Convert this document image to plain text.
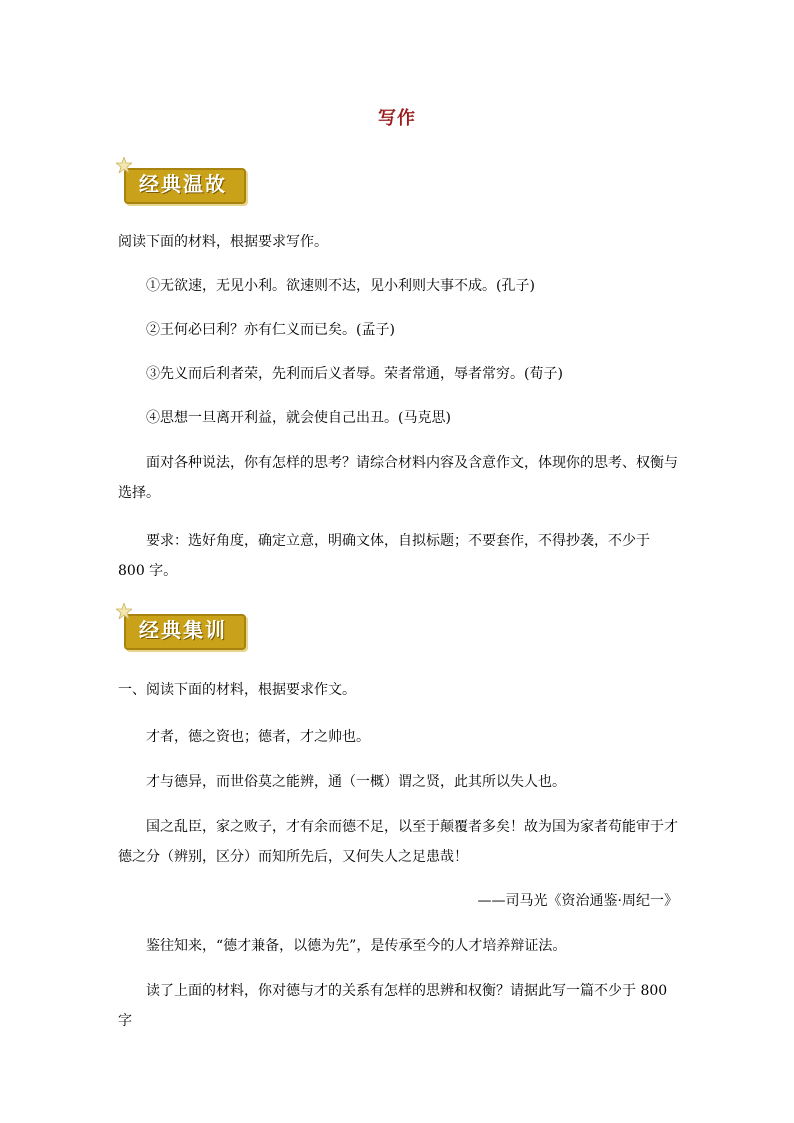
写作
经典温故
阅读下面的材料，根据要求写作。
①无欲速，无见小利。欲速则不达，见小利则大事不成。(孔子)
②王何必曰利？亦有仁义而已矣。(孟子)
③先义而后利者荣，先利而后义者辱。荣者常通，辱者常穷。(荀子)
④思想一旦离开利益，就会使自己出丑。(马克思)
面对各种说法，你有怎样的思考？请综合材料内容及含意作文，体现你的思考、权衡与选择。
要求：选好角度，确定立意，明确文体，自拟标题；不要套作，不得抄袭，不少于 800 字。
经典集训
一、阅读下面的材料，根据要求作文。
才者，德之资也；德者，才之帅也。
才与德异，而世俗莫之能辨，通（一概）谓之贤，此其所以失人也。
国之乱臣，家之败子，才有余而德不足，以至于颠覆者多矣！故为国为家者苟能审于才德之分（辨别，区分）而知所先后，又何失人之足患哉！
——司马光《资治通鉴·周纪一》
鉴往知来，“德才兼备，以德为先”，是传承至今的人才培养辩证法。
读了上面的材料，你对德与才的关系有怎样的思辨和权衡？请据此写一篇不少于 800 字
